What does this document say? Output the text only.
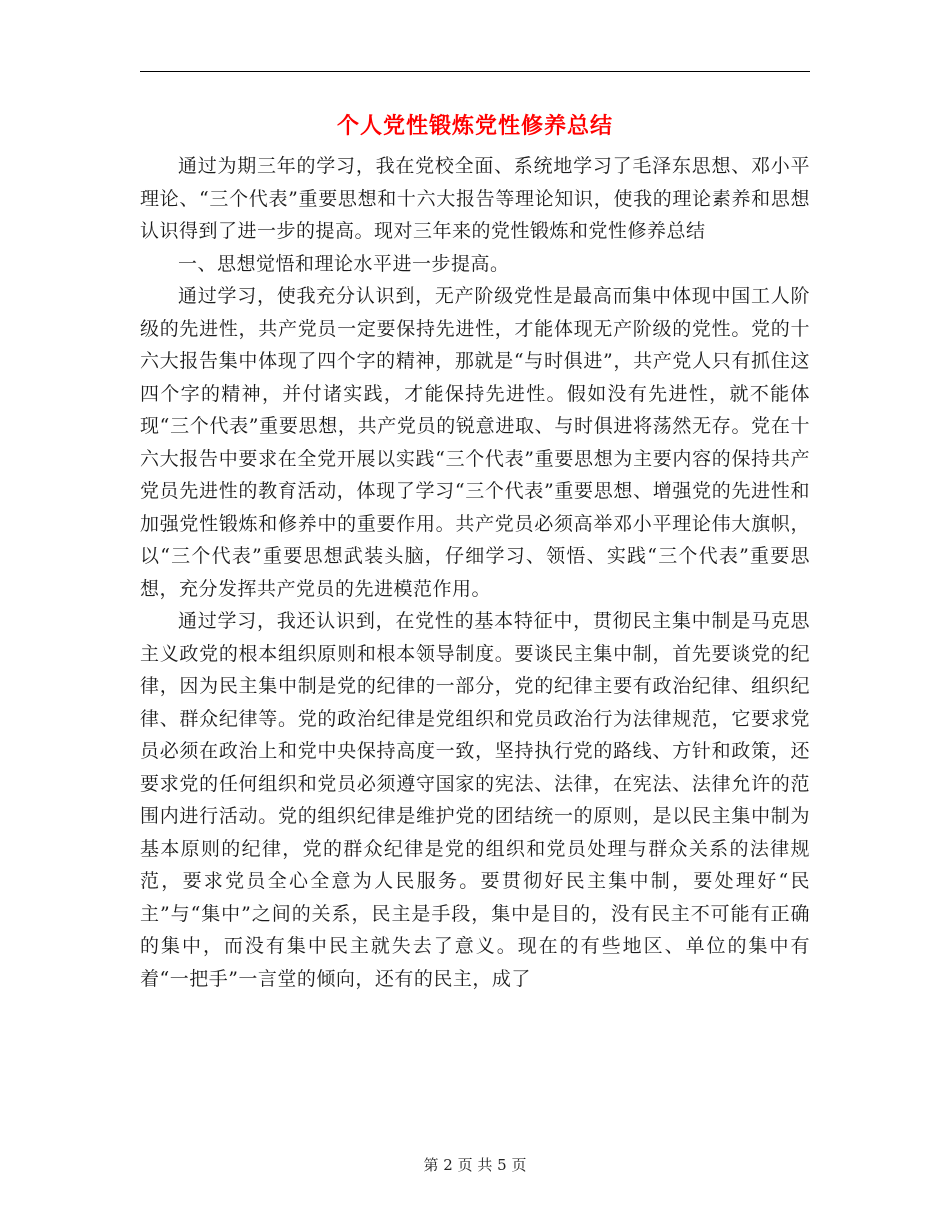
个人党性锻炼党性修养总结

通过为期三年的学习，我在党校全面、系统地学习了毛泽东思想、邓小平理论、“三个代表”重要思想和十六大报告等理论知识，使我的理论素养和思想认识得到了进一步的提高。现对三年来的党性锻炼和党性修养总结

一、思想觉悟和理论水平进一步提高。

通过学习，使我充分认识到，无产阶级党性是最高而集中体现中国工人阶级的先进性，共产党员一定要保持先进性，才能体现无产阶级的党性。党的十六大报告集中体现了四个字的精神，那就是“与时俱进”，共产党人只有抓住这四个字的精神，并付诸实践，才能保持先进性。假如没有先进性，就不能体现“三个代表”重要思想，共产党员的锐意进取、与时俱进将荡然无存。党在十六大报告中要求在全党开展以实践“三个代表”重要思想为主要内容的保持共产党员先进性的教育活动，体现了学习“三个代表”重要思想、增强党的先进性和加强党性锻炼和修养中的重要作用。共产党员必须高举邓小平理论伟大旗帜，以“三个代表”重要思想武装头脑，仔细学习、领悟、实践“三个代表”重要思想，充分发挥共产党员的先进模范作用。

通过学习，我还认识到，在党性的基本特征中，贯彻民主集中制是马克思主义政党的根本组织原则和根本领导制度。要谈民主集中制，首先要谈党的纪律，因为民主集中制是党的纪律的一部分，党的纪律主要有政治纪律、组织纪律、群众纪律等。党的政治纪律是党组织和党员政治行为法律规范，它要求党员必须在政治上和党中央保持高度一致，坚持执行党的路线、方针和政策，还要求党的任何组织和党员必须遵守国家的宪法、法律，在宪法、法律允许的范围内进行活动。党的组织纪律是维护党的团结统一的原则，是以民主集中制为基本原则的纪律，党的群众纪律是党的组织和党员处理与群众关系的法律规范，要求党员全心全意为人民服务。要贯彻好民主集中制，要处理好“民主”与“集中”之间的关系，民主是手段，集中是目的，没有民主不可能有正确的集中，而没有集中民主就失去了意义。现在的有些地区、单位的集中有着“一把手”一言堂的倾向，还有的民主，成了

第 2 页 共 5 页
